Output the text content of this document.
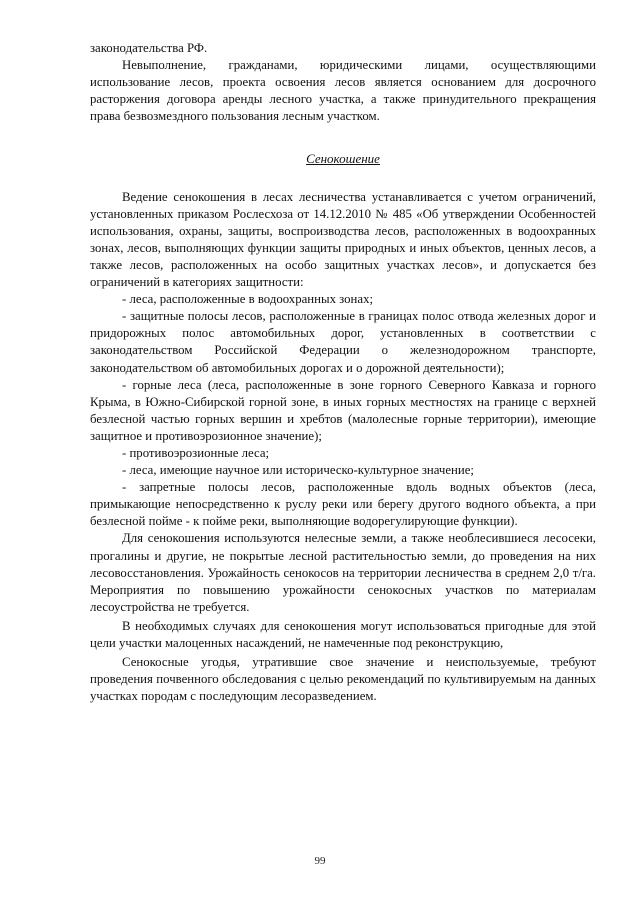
законодательства РФ.

Невыполнение, гражданами, юридическими лицами, осуществляющими использование лесов, проекта освоения лесов является основанием для досрочного расторжения договора аренды лесного участка, а также принудительного прекращения права безвозмездного пользования лесным участком.

Сенокошение

Ведение сенокошения в лесах лесничества устанавливается с учетом ограничений, установленных приказом Рослесхоза от 14.12.2010 № 485 «Об утверждении Особенностей использования, охраны, защиты, воспроизводства лесов, расположенных в водоохранных зонах, лесов, выполняющих функции защиты природных и иных объектов, ценных лесов, а также лесов, расположенных на особо защитных участках лесов», и допускается без ограничений в категориях защитности:

- леса, расположенные в водоохранных зонах;

- защитные полосы лесов, расположенные в границах полос отвода железных дорог и придорожных полос автомобильных дорог, установленных в соответствии с законодательством Российской Федерации о железнодорожном транспорте, законодательством об автомобильных дорогах и о дорожной деятельности);

- горные леса (леса, расположенные в зоне горного Северного Кавказа и горного Крыма, в Южно-Сибирской горной зоне, в иных горных местностях на границе с верхней безлесной частью горных вершин и хребтов (малолесные горные территории), имеющие защитное и противоэрозионное значение);

- противоэрозионные леса;

- леса, имеющие научное или историческо-культурное значение;

- запретные полосы лесов, расположенные вдоль водных объектов (леса, примыкающие непосредственно к руслу реки или берегу другого водного объекта, а при безлесной пойме - к пойме реки, выполняющие водорегулирующие функции).

Для сенокошения используются нелесные земли, а также необлесившиеся лесосеки, прогалины и другие, не покрытые лесной растительностью земли, до проведения на них лесовосстановления. Урожайность сенокосов на территории лесничества в среднем 2,0 т/га. Мероприятия по повышению урожайности сенокосных участков по материалам лесоустройства не требуется.

В необходимых случаях для сенокошения могут использоваться пригодные для этой цели участки малоценных насаждений, не намеченные под реконструкцию,

Сенокосные угодья, утратившие свое значение и неиспользуемые, требуют проведения почвенного обследования с целью рекомендаций по культивируемым на данных участках породам с последующим лесоразведением.

99
